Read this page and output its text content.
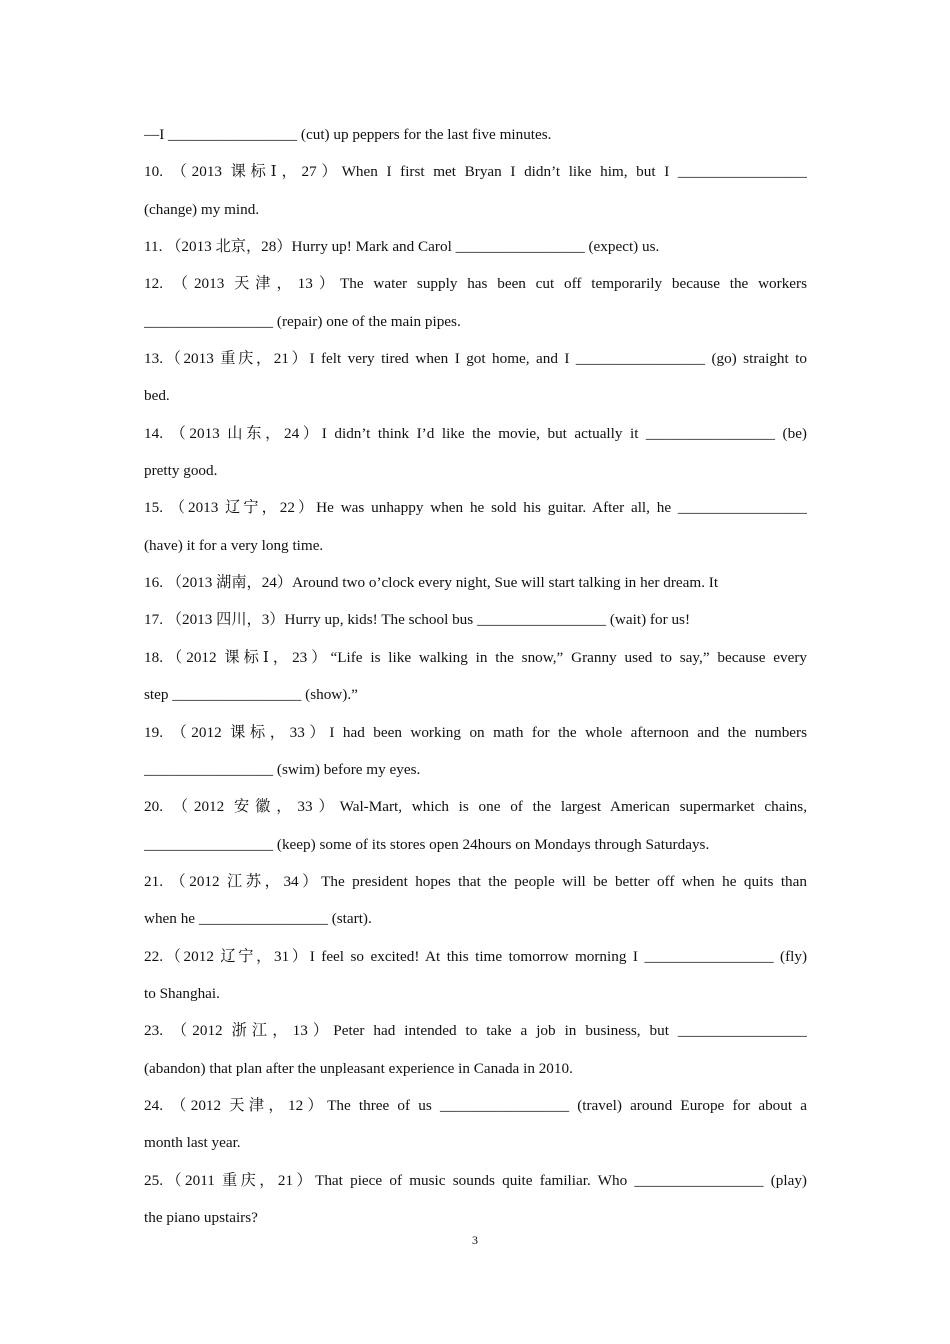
—I _________________ (cut) up peppers for the last five minutes.
10. （2013 课标Ⅰ，27）When I first met Bryan I didn’t like him, but I _________________
(change) my mind.
11. （2013 北京，28）Hurry up! Mark and Carol _________________ (expect) us.
12. （2013 天津，13）The water supply has been cut off temporarily because the workers
_________________ (repair) one of the main pipes.
13.（2013 重庆，21）I felt very tired when I got home, and I _________________ (go) straight to
bed.
14. （2013 山东，24）I didn’t think I’d like the movie, but actually it _________________ (be)
pretty good.
15. （2013 辽宁，22）He was unhappy when he sold his guitar. After all, he _________________
(have) it for a very long time.
16. （2013 湖南，24）Around two o’clock every night, Sue will start talking in her dream. It
17. （2013 四川，3）Hurry up, kids! The school bus _________________ (wait) for us!
18.（2012 课标Ⅰ，23）“Life is like walking in the snow,” Granny used to say,” because every
step _________________ (show).”
19. （2012 课标，33）I had been working on math for the whole afternoon and the numbers
_________________ (swim) before my eyes.
20. （2012 安徽，33）Wal-Mart, which is one of the largest American supermarket chains,
_________________ (keep) some of its stores open 24hours on Mondays through Saturdays.
21. （2012 江苏，34）The president hopes that the people will be better off when he quits than
when he _________________ (start).
22.（2012 辽宁，31）I feel so excited! At this time tomorrow morning I _________________ (fly)
to Shanghai.
23. （2012 浙江，13）Peter had intended to take a job in business, but _________________
(abandon) that plan after the unpleasant experience in Canada in 2010.
24. （2012 天津，12）The three of us _________________ (travel) around Europe for about a
month last year.
25.（2011 重庆，21）That piece of music sounds quite familiar. Who _________________ (play)
the piano upstairs?
3
